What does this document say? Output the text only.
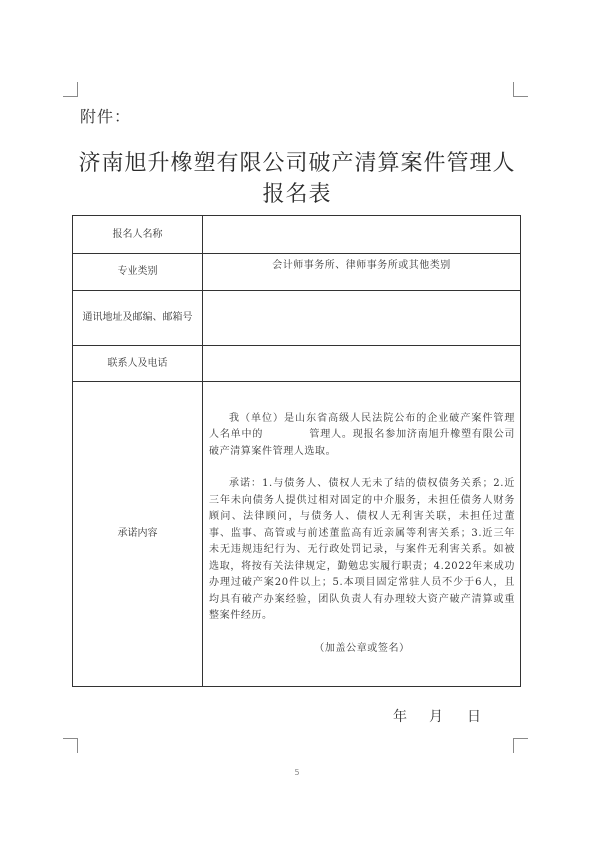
附件：
济南旭升橡塑有限公司破产清算案件管理人
报名表
报名人名称	
专业类别	会计师事务所、律师事务所或其他类别

通讯地址及邮编、邮箱号	
联系人及电话	
承诺内容	我（单位）是山东省高级人民法院公布的企业破产案件管理人名单中的 管理人。现报名参加济南旭升橡塑有限公司破产清算案件管理人选取。

承诺：1.与债务人、债权人无未了结的债权债务关系；2.近三年未向债务人提供过相对固定的中介服务，未担任债务人财务顾问、法律顾问，与债务人、债权人无利害关联，未担任过董事、监事、高管或与前述董监高有近亲属等利害关系；3.近三年未无违规违纪行为、无行政处罚记录，与案件无利害关系。如被选取，将按有关法律规定，勤勉忠实履行职责；4.2022年来成功办理过破产案20件以上；5.本项目固定常驻人员不少于6人，且均具有破产办案经验，团队负责人有办理较大资产破产清算或重整案件经历。

（加盖公章或签名）

年 月 日
5
